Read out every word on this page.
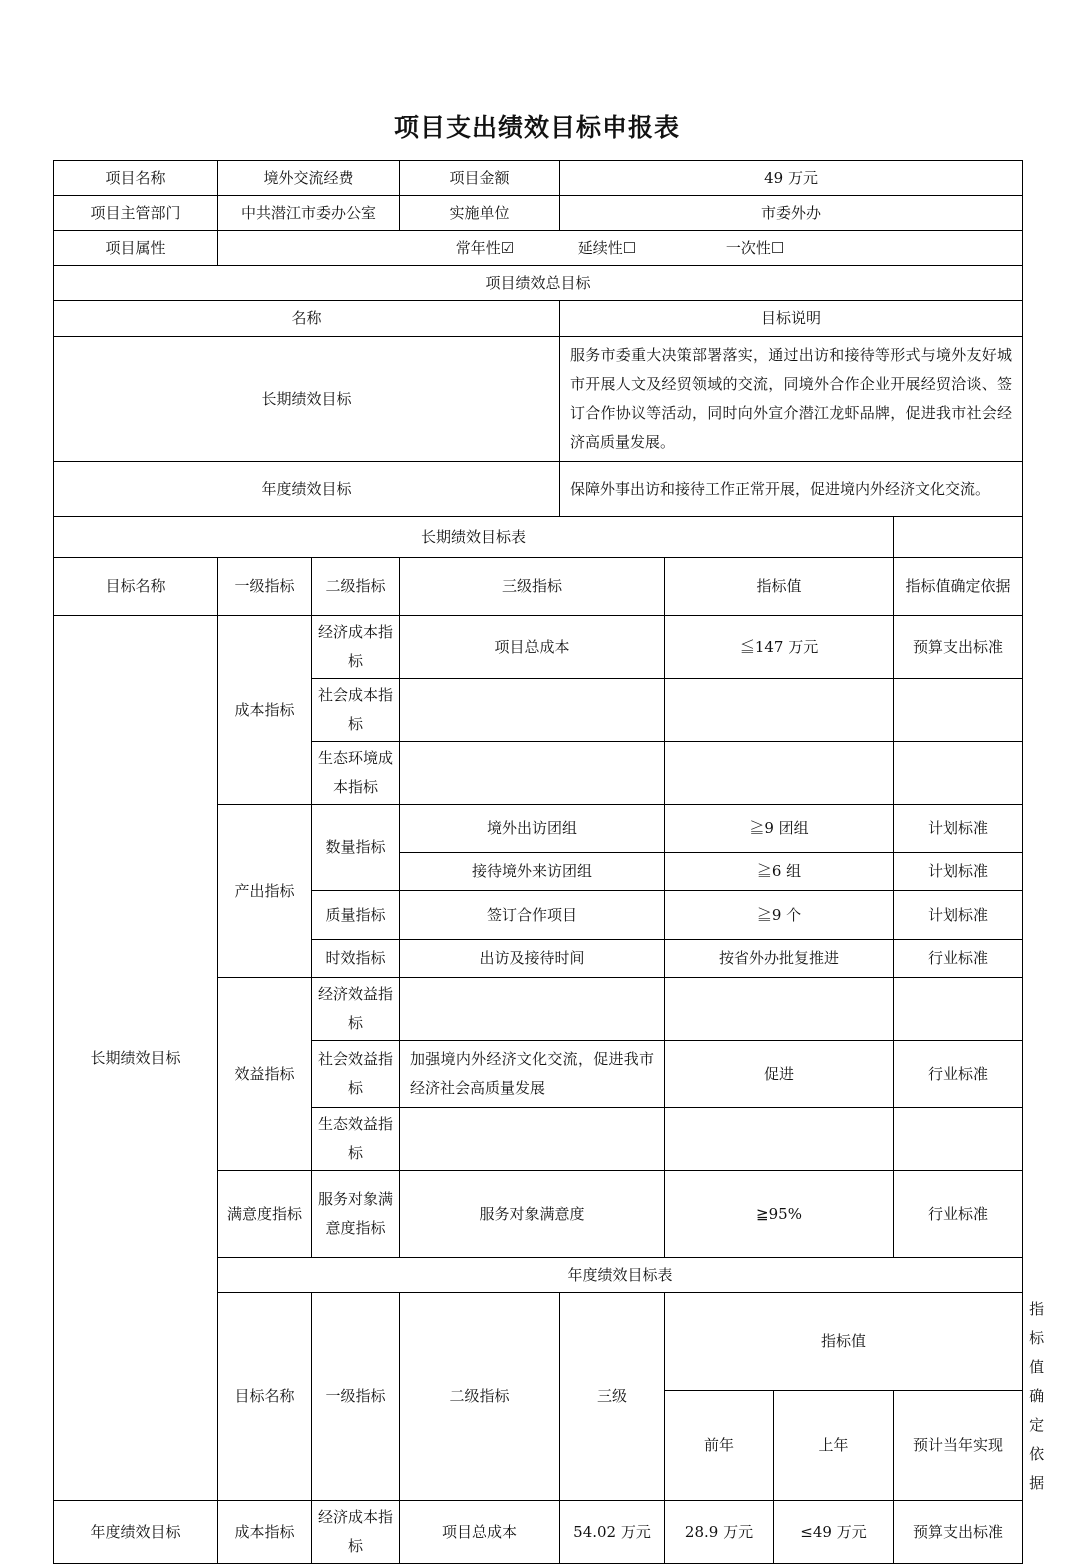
项目支出绩效目标申报表
项目名称	境外交流经费		项目金额	49 万元				
项目主管部门	中共潜江市委办公室		实施单位	市委外办				
项目属性	常年性☑ 延续性☐ 一次性☐							
项目绩效总目标								
名称				目标说明				
长期绩效目标				服务市委重大决策部署落实，通过出访和接待等形式与境外友好城市开展人文及经贸领域的交流，同境外合作企业开展经贸洽谈、签订合作协议等活动，同时向外宣介潜江龙虾品牌，促进我市社会经济高质量发展。				
年度绩效目标				保障外事出访和接待工作正常开展，促进境内外经济文化交流。				
长期绩效目标表								
目标名称	一级指标	二级指标	三级指标		指标值		指标值确定依据	
长期绩效目标	成本指标	经济成本指标	项目总成本		≦147 万元		预算支出标准	
		社会成本指标						
		生态环境成本指标						
	产出指标	数量指标	境外出访团组		≧9 团组		计划标准	
			接待境外来访团组		≧6 组		计划标准	
		质量指标	签订合作项目		≧9 个		计划标准	
		时效指标	出访及接待时间		按省外办批复推进		行业标准	
	效益指标	经济效益指标						
		社会效益指标	加强境内外经济文化交流，促进我市经济社会高质量发展		促进		行业标准	
		生态效益指标						
	满意度指标	服务对象满意度指标	服务对象满意度		≧95%		行业标准	
	年度绩效目标表							
	目标名称	一级指标	二级指标	三级	指标值			指标值确定依据
					前年	上年	预计当年实现	
年度绩效目标	成本指标	经济成本指标	项目总成本	54.02 万元	28.9 万元	≤49 万元	预算支出标准	
